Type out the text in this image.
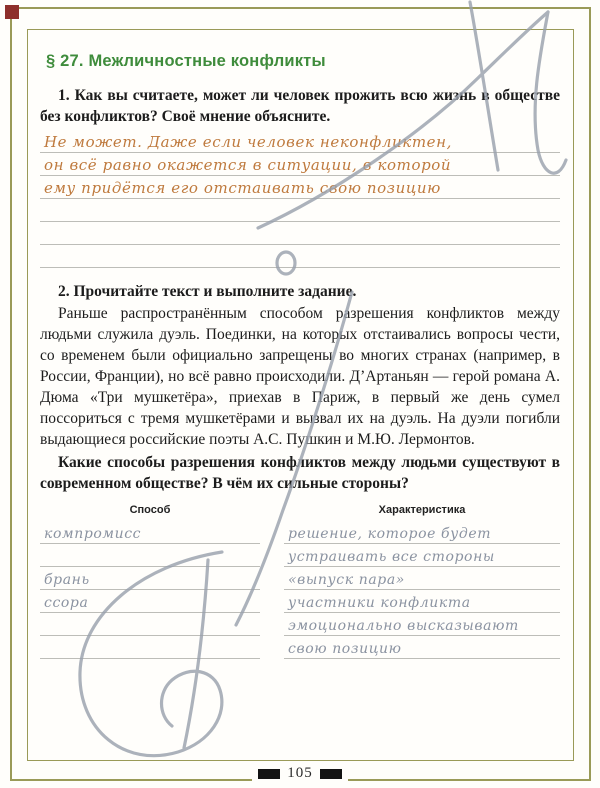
§ 27. Межличностные конфликты
1. Как вы считаете, может ли человек прожить всю жизнь в обществе без конфликтов? Своё мнение объясните.
Не может. Даже если человек неконфликтен,
он всё равно окажется в ситуации, в которой
ему придётся его отстаивать свою позицию
2. Прочитайте текст и выполните задание.
Раньше распространённым способом разрешения конфликтов между людьми служила дуэль. Поединки, на которых отстаивались вопросы чести, со временем были официально запрещены во многих странах (например, в России, Франции), но всё равно происходили. Д’Артаньян — герой романа А. Дюма «Три мушкетёра», приехав в Париж, в первый же день сумел поссориться с тремя мушкетёрами и вызвал их на дуэль. На дуэли погибли выдающиеся российские поэты А.С. Пушкин и М.Ю. Лермонтов.
Какие способы разрешения конфликтов между людьми существуют в современном обществе? В чём их сильные стороны?
Способ
компромисс
брань
ссора
Характеристика
решение, которое будет
устраивать все стороны
«выпуск пара»
участники конфликта
эмоционально высказывают
свою позицию
105
